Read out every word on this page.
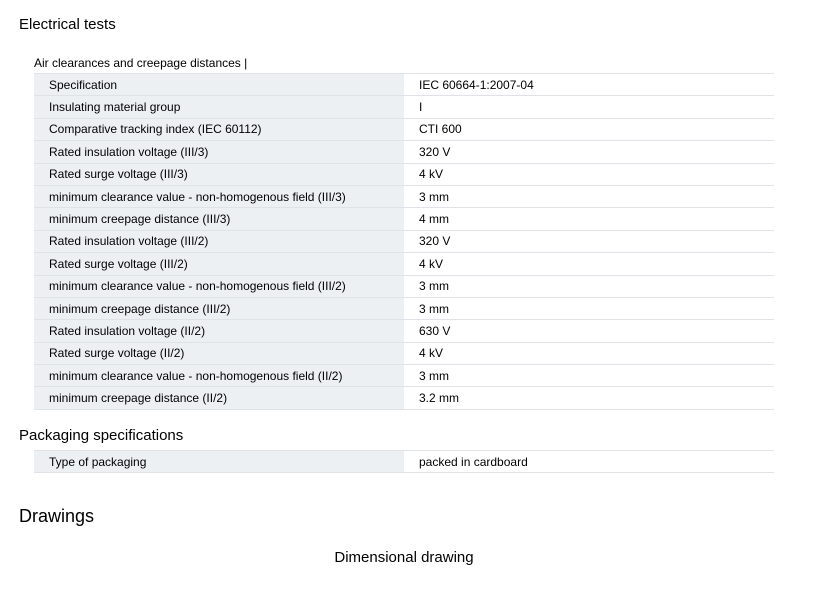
Electrical tests
Air clearances and creepage distances |
Specification	IEC 60664-1:2007-04
Insulating material group	I
Comparative tracking index (IEC 60112)	CTI 600
Rated insulation voltage (III/3)	320 V
Rated surge voltage (III/3)	4 kV
minimum clearance value - non-homogenous field (III/3)	3 mm
minimum creepage distance (III/3)	4 mm
Rated insulation voltage (III/2)	320 V
Rated surge voltage (III/2)	4 kV
minimum clearance value - non-homogenous field (III/2)	3 mm
minimum creepage distance (III/2)	3 mm
Rated insulation voltage (II/2)	630 V
Rated surge voltage (II/2)	4 kV
minimum clearance value - non-homogenous field (II/2)	3 mm
minimum creepage distance (II/2)	3.2 mm
Packaging specifications
Type of packaging	packed in cardboard
Drawings
Dimensional drawing
